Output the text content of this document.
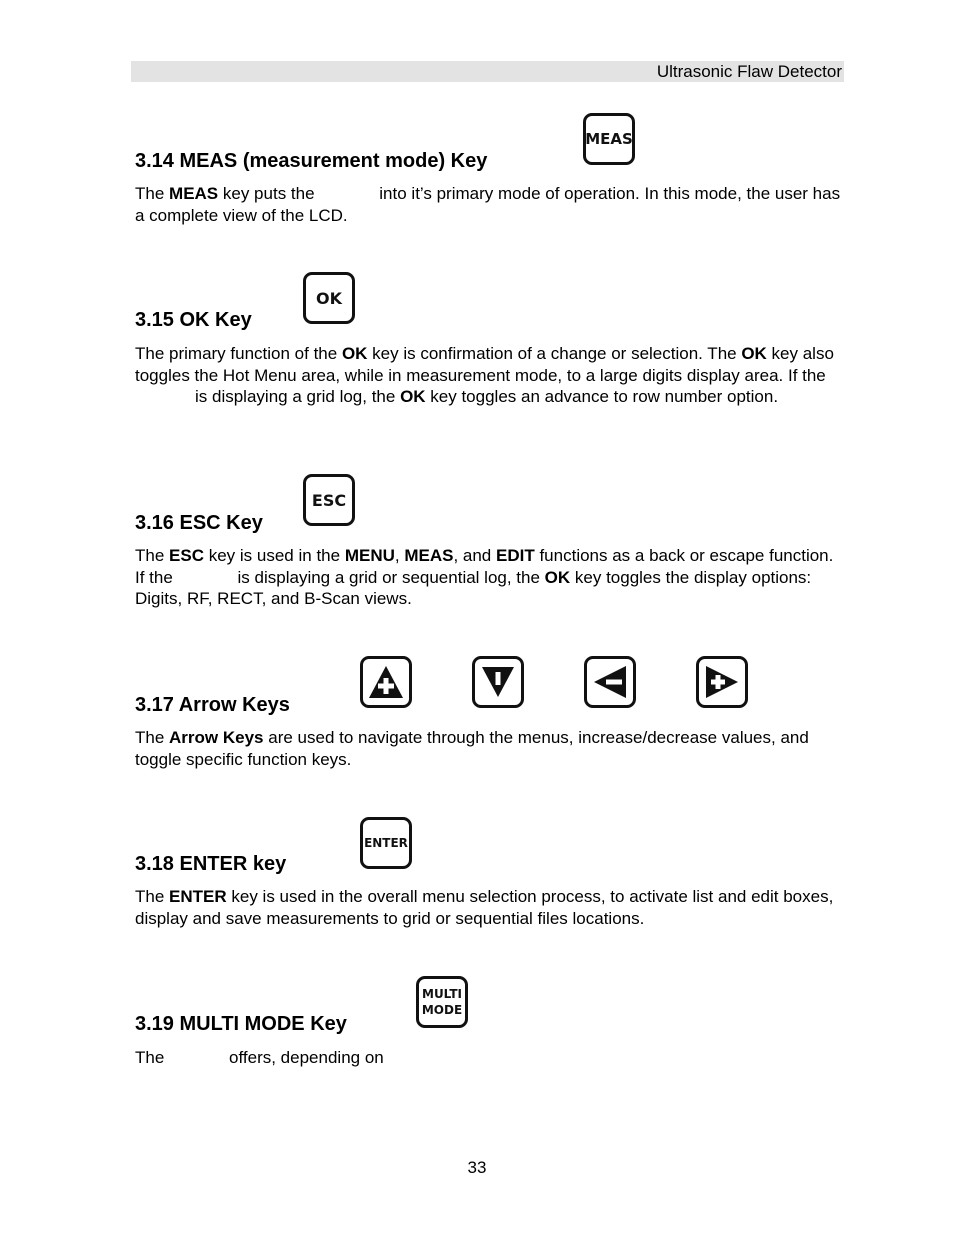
Ultrasonic Flaw Detector
3.14 MEAS (measurement mode) Key
MEAS

The MEAS key puts the	into it’s primary mode of operation. In this mode, the user has a complete view of the LCD.

3.15 OK Key
OK

The primary function of the OK key is confirmation of a change or selection. The OK key also toggles the Hot Menu area, while in measurement mode, to a large digits display area. If the is displaying a grid log, the OK key toggles an advance to row number option.

3.16 ESC Key
ESC

The ESC key is used in the MENU, MEAS, and EDIT functions as a back or escape function. If the	is displaying a grid or sequential log, the OK key toggles the display options: Digits, RF, RECT, and B-Scan views.

3.17 Arrow Keys

The Arrow Keys are used to navigate through the menus, increase/decrease values, and toggle specific function keys.

3.18 ENTER key
ENTER

The ENTER key is used in the overall menu selection process, to activate list and edit boxes, display and save measurements to grid or sequential files locations.

3.19 MULTI MODE Key
MULTI
MODE

The	offers, depending on

33
